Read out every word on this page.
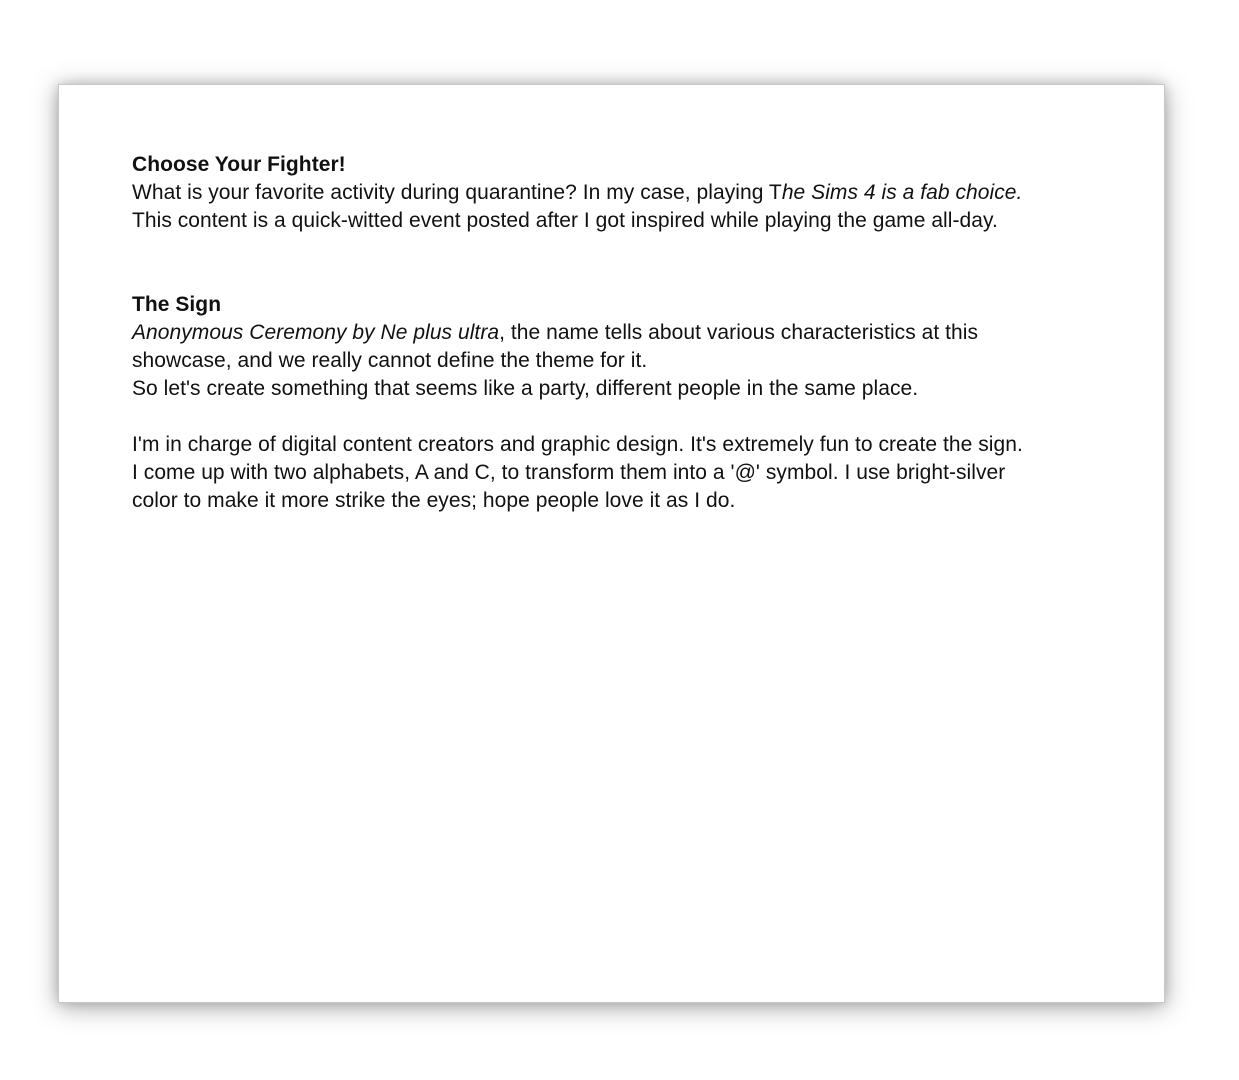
Choose Your Fighter!

What is your favorite activity during quarantine? In my case, playing The Sims 4 is a fab choice.

This content is a quick-witted event posted after I got inspired while playing the game all-day.

The Sign

Anonymous Ceremony by Ne plus ultra, the name tells about various characteristics at this

showcase, and we really cannot define the theme for it.

So let's create something that seems like a party, different people in the same place.

I'm in charge of digital content creators and graphic design. It's extremely fun to create the sign.

I come up with two alphabets, A and C, to transform them into a '@' symbol. I use bright-silver

color to make it more strike the eyes; hope people love it as I do.
